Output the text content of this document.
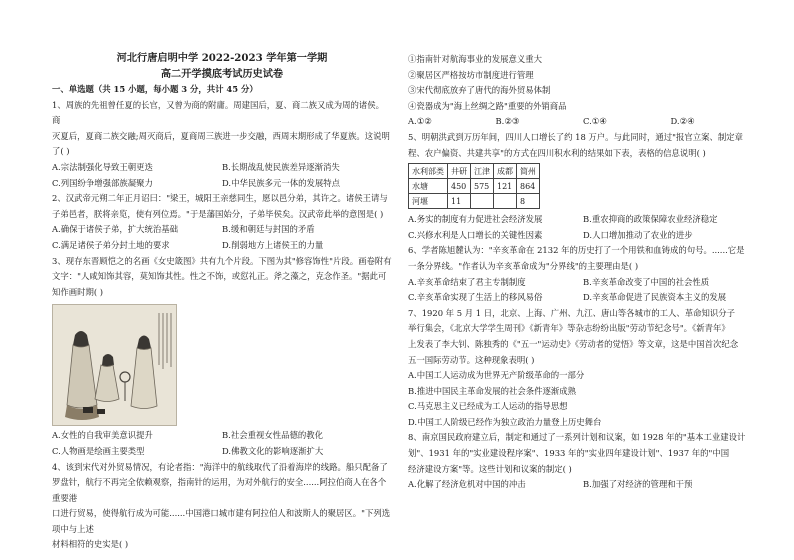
河北行唐启明中学 2022-2023 学年第一学期
高二开学摸底考试历史试卷
一、单选题（共 15 小题，每小题 3 分，共计 45 分）

1、周族的先祖曾任夏的长官，又曾为商的附庸。周建国后，夏、商二族又成为周的诸侯。商

灭夏后，夏商二族交融;周灭商后，夏商周三族进一步交融，西周末期形成了华夏族。这说明

了( )

A.宗法制强化导致王朝更迭	B.长期战乱使民族差异逐渐消失
C.列国纷争增强部族凝聚力	D.中华民族多元一体的发展特点

2、汉武帝元朔二年正月诏曰："梁王，城阳王亲慈同生，愿以邑分弟，其许之。诸侯王请与

子弟邑者，朕将亲览，使有列位焉。"于是藩国始分，子弟毕侯矣。汉武帝此举的意图是( )

A.确保于诸侯子弟，扩大统治基础	B.缓和朝廷与封国的矛盾
C.满足诸侯子弟分封土地的要求	D.削弱地方上诸侯王的力量

3、现存东晋顾恺之的名画《女史箴图》共有九个片段。下图为其"修容饰性"片段。画卷附有

文字："人咸知饰其容，莫知饰其性。性之不饰，或愆礼正。斧之藻之，克念作圣。"据此可

知作画时期( )

A.女性的自我审美意识提升	B.社会重视女性品德的教化
C.人物画是绘画主要类型	D.佛教文化的影响逐渐扩大

4、该到宋代对外贸易情况，有论者指："海洋中的航线取代了沿着海岸的线路。船只配备了

罗盘针，航行不再完全依赖观察，指南针的运用，为对外航行的安全......阿拉伯商人在各个重要港

口进行贸易，使得航行成为可能......中国港口城市建有阿拉伯人和波斯人的聚居区。"下列选项中与上述

材料相符的史实是( )

①指南针对航海事业的发展意义重大

②聚居区严格按坊市制度进行管理

③宋代彻底放弃了唐代的海外贸易体制

④瓷器成为"海上丝绸之路"重要的外销商品

A.①②	B.②③	C.①④	D.②④

5、明朝洪武到万历年间，四川人口增长了约 18 万户。与此同时，通过"报官立案、制定章

程、农户偏资、共建共享"的方式在四川积水利的结果如下表，表格的信息说明( )

水利部类	井研	江津	成都	简州
水塘	450	575	121	864
河堰	11			8
A.务实的制度有力促进社会经济发展	B.重农抑商的政策保障农业经济稳定
C.兴修水利是人口增长的关键性因素	D.人口增加推动了农业的进步

6、学者陈旭麓认为："辛亥革命在 2132 年的历史打了一个用铁和血铸成的句号。......它是

一条分界线。"作者认为辛亥革命成为"分界线"的主要理由是( )

A.辛亥革命结束了君主专制制度	B.辛亥革命改变了中国的社会性质
C.辛亥革命实现了生活上的移风易俗	D.辛亥革命促进了民族资本主义的发展

7、1920 年 5 月 1 日，北京、上海、广州、九江、唐山等各城市的工人、革命知识分子

举行集会，《北京大学学生周刊》《新青年》等杂志纷纷出版"劳动节纪念号"。《新青年》

上发表了李大钊、陈独秀的《"五一"运动史》《劳动者的觉悟》等文章，这是中国首次纪念

五一国际劳动节。这种现象表明( )

A.中国工人运动成为世界无产阶级革命的一部分

B.推进中国民主革命发展的社会条件逐渐成熟

C.马克思主义已经成为工人运动的指导思想

D.中国工人阶级已经作为独立政治力量登上历史舞台

8、南京国民政府建立后，制定和通过了一系列计划和议案，如 1928 年的"基本工业建设计

划"、1931 年的"实业建设程序案"、1933 年的"实业四年建设计划"、1937 年的"中国

经济建设方案"等。这些计划和议案的制定( )

A.化解了经济危机对中国的冲击	B.加强了对经济的管理和干预
